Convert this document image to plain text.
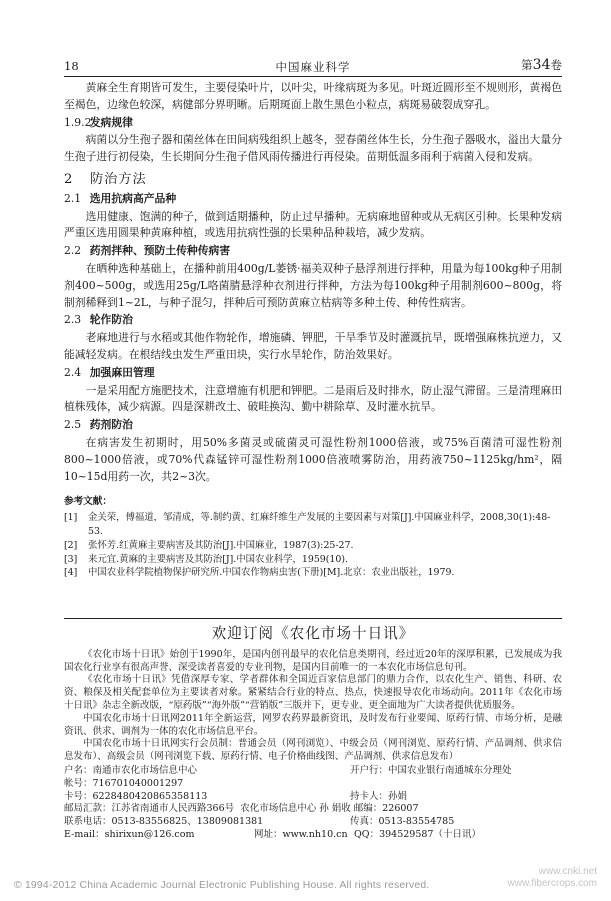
18	中国麻业科学	第34卷

黄麻全生育期皆可发生，主要侵染叶片，以叶尖，叶缘病斑为多见。叶斑近圆形至不规则形，黄褐色至褐色，边缘色较深，病健部分界明晰。后期斑面上散生黑色小粒点，病斑易破裂成穿孔。

1.9.2 发病规律

病菌以分生孢子器和菌丝体在田间病残组织上越冬，翌春菌丝体生长，分生孢子器吸水，溢出大量分生孢子进行初侵染，生长期间分生孢子借风雨传播进行再侵染。苗期低温多雨利于病菌入侵和发病。

2 防治方法
2.1 选用抗病高产品种

选用健康、饱满的种子，做到适期播种，防止过早播种。无病麻地留种或从无病区引种。长果种发病严重区选用圆果种黄麻种植，或选用抗病性强的长果种品种栽培，减少发病。

2.2 药剂拌种、预防土传种传病害

在晒种选种基础上，在播种前用400g/L萎锈·福美双种子悬浮剂进行拌种，用量为每100kg种子用制剂400~500g，或选用25g/L咯菌腈悬浮种衣剂进行拌种，方法为每100kg种子用制剂600~800g，将制剂稀释到1~2L，与种子混匀，拌种后可预防黄麻立枯病等多种土传、种传性病害。

2.3 轮作防治

老麻地进行与水稻或其他作物轮作，增施磷、钾肥，干旱季节及时灌溉抗旱，既增强麻株抗逆力，又能减轻发病。在根结线虫发生严重田块，实行水旱轮作，防治效果好。

2.4 加强麻田管理

一是采用配方施肥技术，注意增施有机肥和钾肥。二是雨后及时排水，防止湿气滞留。三是清理麻田植株残体，减少病源。四是深耕改土、破畦换沟、勤中耕除草、及时灌水抗旱。

2.5 药剂防治

在病害发生初期时，用50%多菌灵或硫菌灵可湿性粉剂1000倍液，或75%百菌清可湿性粉剂800~1000倍液，或70%代森锰锌可湿性粉剂1000倍液喷雾防治，用药液750~1125kg/hm²，隔10~15d用药一次，共2~3次。

参考文献：
[1]	金关荣，傅福道，邹清成，等.制约黄、红麻纤维生产发展的主要因素与对策[J].中国麻业科学，2008,30(1):48-53.
[2]	张怀芳.红黄麻主要病害及其防治[J].中国麻业，1987(3):25-27.
[3]	来元宜.黄麻的主要病害及其防治[J].中国农业科学，1959(10).
[4]	中国农业科学院植物保护研究所.中国农作物病虫害(下册)[M].北京：农业出版社，1979.
欢迎订阅《农化市场十日讯》

《农化市场十日讯》始创于1990年，是国内创刊最早的农化信息类期刊，经过近20年的深厚积累，已发展成为我国农化行业享有很高声誉、深受读者喜爱的专业刊物，是国内目前唯一的一本农化市场信息旬刊。

《农化市场十日讯》凭借深厚专家、学者群体和全国近百家信息部门的鼎力合作，以农化生产、销售、科研、农资、粮保及相关配套单位为主要读者对象。紧紧结合行业的特点、热点，快速报导农化市场动向。2011年《农化市场十日讯》杂志全新改版，“原药版”“海外版”“营销版”三版并下，更专业、更全面地为广大读者提供优质服务。

中国农化市场十日讯网2011年全新运营，网罗农药界最新资讯，及时发布行业要闻、原药行情、市场分析，是融资讯、供求、调剂为一体的农化市场信息平台。

中国农化市场十日讯网实行会员制：普通会员（网刊浏览）、中级会员（网刊浏览、原药行情、产品调剂、供求信息发布）、高级会员（网刊浏览下载、原药行情、电子价格曲线图、产品调剂、供求信息发布）

户名：南通市农化市场信息中心	开户行：中国农业银行南通城东分理处
帐号：716701040001297
卡号：6228480420865358113	持卡人：孙娟
邮局汇款：江苏省南通市人民西路366号
农化市场信息中心 孙 娟收 邮编：226007
联系电话：0513-83556825、13809081381	传真：0513-83554785
E-mail：shirixun@126.com	网址：www.nh10.cn QQ：394529587（十日讯）
© 1994-2012 China Academic Journal Electronic Publishing House. All rights reserved.
www.cnki.net
www.fibercrops.com
